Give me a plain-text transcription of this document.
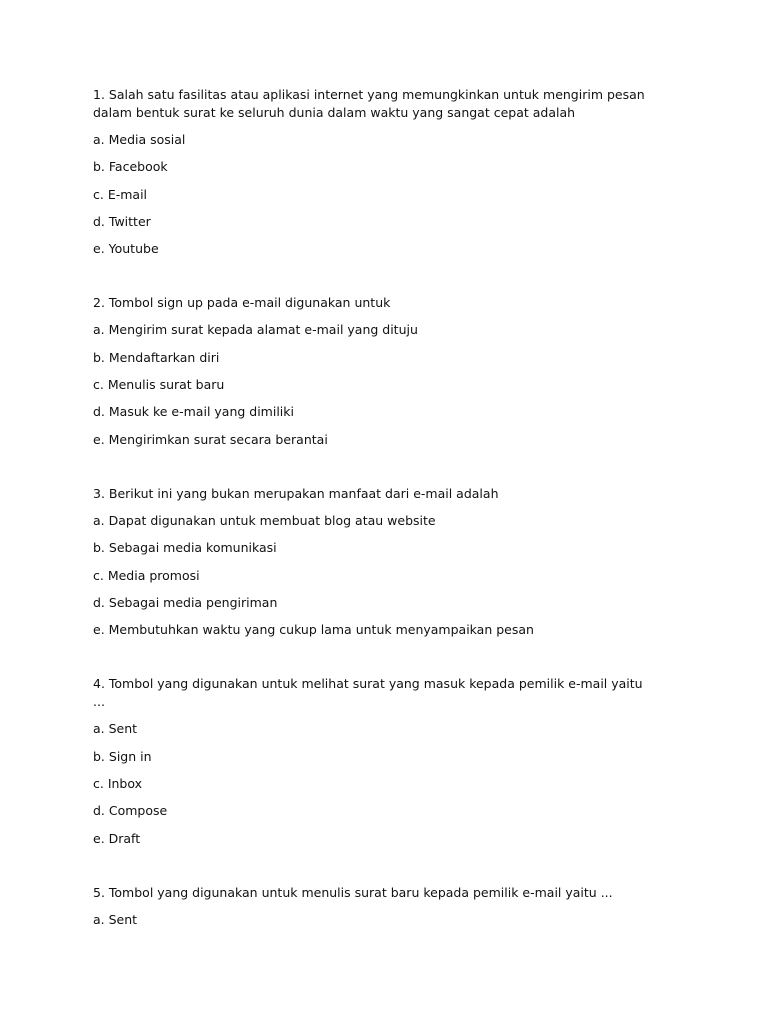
1. Salah satu fasilitas atau aplikasi internet yang memungkinkan untuk mengirim pesan dalam bentuk surat ke seluruh dunia dalam waktu yang sangat cepat adalah

a. Media sosial
b. Facebook
c. E-mail
d. Twitter
e. Youtube

2. Tombol sign up pada e-mail digunakan untuk

a. Mengirim surat kepada alamat e-mail yang dituju
b. Mendaftarkan diri
c. Menulis surat baru
d. Masuk ke e-mail yang dimiliki
e. Mengirimkan surat secara berantai

3. Berikut ini yang bukan merupakan manfaat dari e-mail adalah

a. Dapat digunakan untuk membuat blog atau website
b. Sebagai media komunikasi
c. Media promosi
d. Sebagai media pengiriman
e. Membutuhkan waktu yang cukup lama untuk menyampaikan pesan

4. Tombol yang digunakan untuk melihat surat yang masuk kepada pemilik e-mail yaitu ...

a. Sent
b. Sign in
c. Inbox
d. Compose
e. Draft

5. Tombol yang digunakan untuk menulis surat baru kepada pemilik e-mail yaitu ...

a. Sent
